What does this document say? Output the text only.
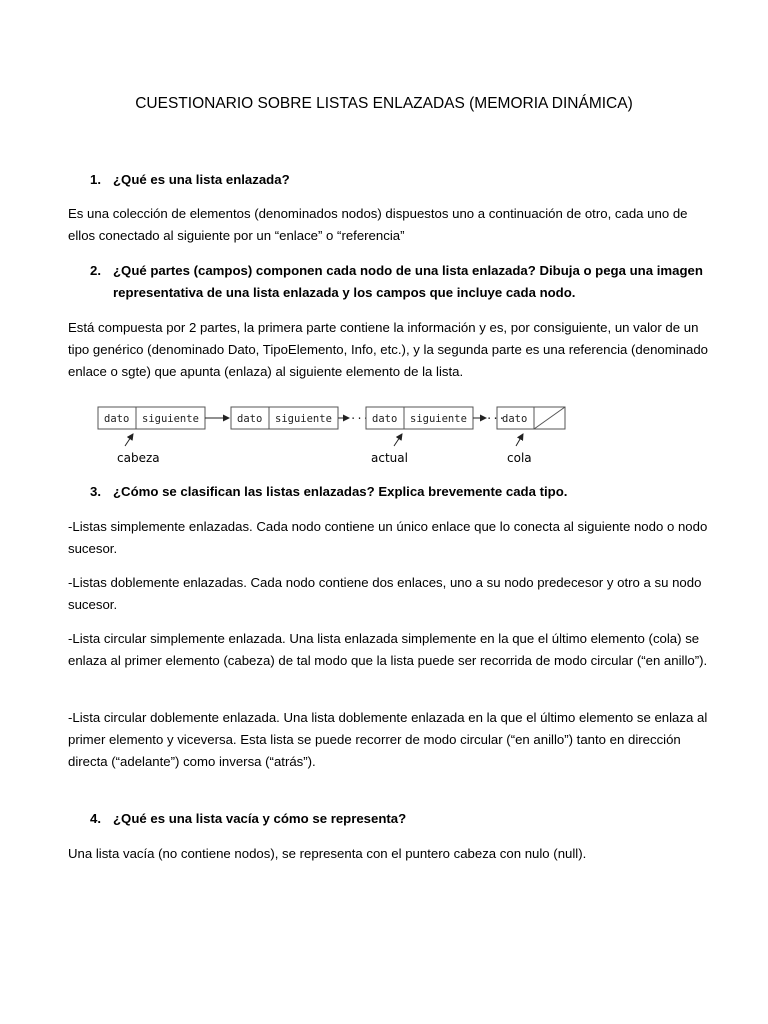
CUESTIONARIO SOBRE LISTAS ENLAZADAS (MEMORIA DINÁMICA)
1. ¿Qué es una lista enlazada?
Es una colección de elementos (denominados nodos) dispuestos uno a continuación de otro, cada uno de ellos conectado al siguiente por un “enlace” o “referencia”
2. ¿Qué partes (campos) componen cada nodo de una lista enlazada? Dibuja o pega una imagen representativa de una lista enlazada y los campos que incluye cada nodo.
Está compuesta por 2 partes, la primera parte contiene la información y es, por consiguiente, un valor de un tipo genérico (denominado Dato, TipoElemento, Info, etc.), y la segunda parte es una referencia (denominado enlace o sgte) que apunta (enlaza) al siguiente elemento de la lista.
dato siguiente	dato siguiente ··· dato siguiente ···
dato
cabeza	actual	cola
3. ¿Cómo se clasifican las listas enlazadas? Explica brevemente cada tipo.
-Listas simplemente enlazadas. Cada nodo contiene un único enlace que lo conecta al siguiente nodo o nodo sucesor.
-Listas doblemente enlazadas. Cada nodo contiene dos enlaces, uno a su nodo predecesor y otro a su nodo sucesor.
-Lista circular simplemente enlazada. Una lista enlazada simplemente en la que el último elemento (cola) se enlaza al primer elemento (cabeza) de tal modo que la lista puede ser recorrida de modo circular (“en anillo”).
-Lista circular doblemente enlazada. Una lista doblemente enlazada en la que el último elemento se enlaza al primer elemento y viceversa. Esta lista se puede recorrer de modo circular (“en anillo”) tanto en dirección directa (“adelante”) como inversa (“atrás”).
4. ¿Qué es una lista vacía y cómo se representa?
Una lista vacía (no contiene nodos), se representa con el puntero cabeza con nulo (null).
